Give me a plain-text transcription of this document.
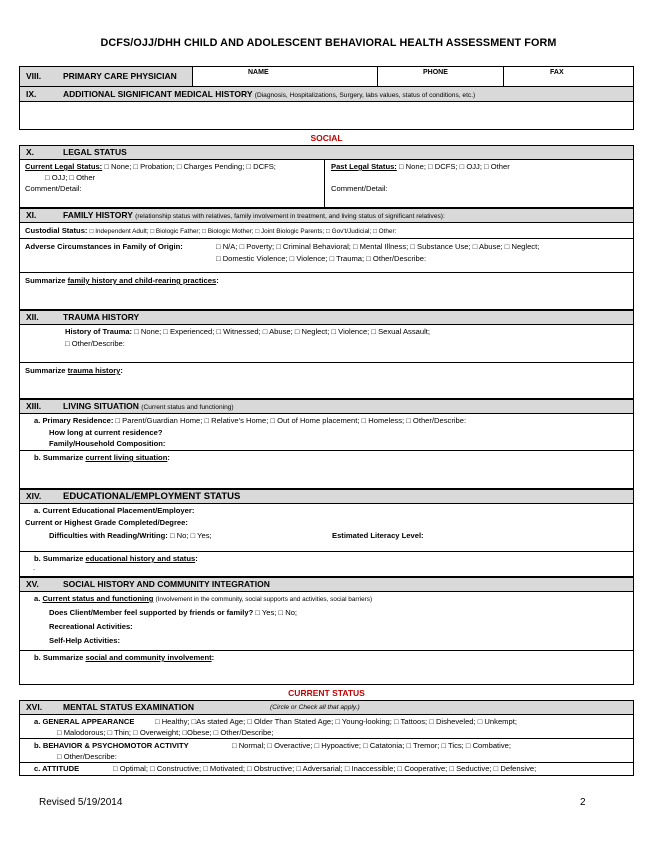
DCFS/OJJ/DHH CHILD AND ADOLESCENT BEHAVIORAL HEALTH ASSESSMENT FORM
VIII.	PRIMARY CARE PHYSICIAN	NAME	PHONE	FAX
IX.	ADDITIONAL SIGNIFICANT MEDICAL HISTORY (Diagnosis, Hospitalizations, Surgery, labs values, status of conditions, etc.)
SOCIAL
X.	LEGAL STATUS
Current Legal Status: □ None; □ Probation; □ Charges Pending; □ DCFS;
□ OJJ; □ Other
Comment/Detail:
Past Legal Status: □ None; □ DCFS; □ OJJ; □ Other
Comment/Detail:
XI.	FAMILY HISTORY (relationship status with relatives, family involvement in treatment, and living status of significant relatives):
Custodial Status: □ Independent Adult; □ Biologic Father; □ Biologic Mother; □ Joint Biologic Parents; □ Gov't/Judicial; □ Other:
Adverse Circumstances in Family of Origin:	□ N/A; □ Poverty; □ Criminal Behavioral; □ Mental Illness; □ Substance Use; □ Abuse; □ Neglect;
□ Domestic Violence; □ Violence; □ Trauma; □ Other/Describe:
Summarize family history and child-rearing practices:
XII.	TRAUMA HISTORY
History of Trauma: □ None; □ Experienced; □ Witnessed; □ Abuse; □ Neglect; □ Violence; □ Sexual Assault;
□ Other/Describe:
Summarize trauma history:
XIII.	LIVING SITUATION (Current status and functioning)
a. Primary Residence: □ Parent/Guardian Home; □ Relative's Home; □ Out of Home placement; □ Homeless; □ Other/Describe:
How long at current residence?
Family/Household Composition:
b. Summarize current living situation:
XIV. EDUCATIONAL/EMPLOYMENT STATUS
a. Current Educational Placement/Employer:
Current or Highest Grade Completed/Degree:
Difficulties with Reading/Writing: □ No; □ Yes;	Estimated Literacy Level:
b. Summarize educational history and status:
.
XV.	SOCIAL HISTORY AND COMMUNITY INTEGRATION
a. Current status and functioning (Involvement in the community, social supports and activities, social barriers)
Does Client/Member feel supported by friends or family? □ Yes; □ No;
Recreational Activities:
Self-Help Activities:
b. Summarize social and community involvement:
CURRENT STATUS
XVI. MENTAL STATUS EXAMINATION	(Circle or Check all that apply.)
a. GENERAL APPEARANCE	□ Healthy; □As stated Age; □ Older Than Stated Age; □ Young-looking; □ Tattoos; □ Disheveled; □ Unkempt;
□ Malodorous; □ Thin; □ Overweight; □Obese; □ Other/Describe;
b. BEHAVIOR & PSYCHOMOTOR ACTIVITY	□ Normal; □ Overactive; □ Hypoactive; □ Catatonia; □ Tremor; □ Tics; □ Combative;
□ Other/Describe:
c. ATTITUDE	□ Optimal; □ Constructive; □ Motivated; □ Obstructive; □ Adversarial; □ Inaccessible; □ Cooperative; □ Seductive; □ Defensive;
Revised 5/19/2014	2
